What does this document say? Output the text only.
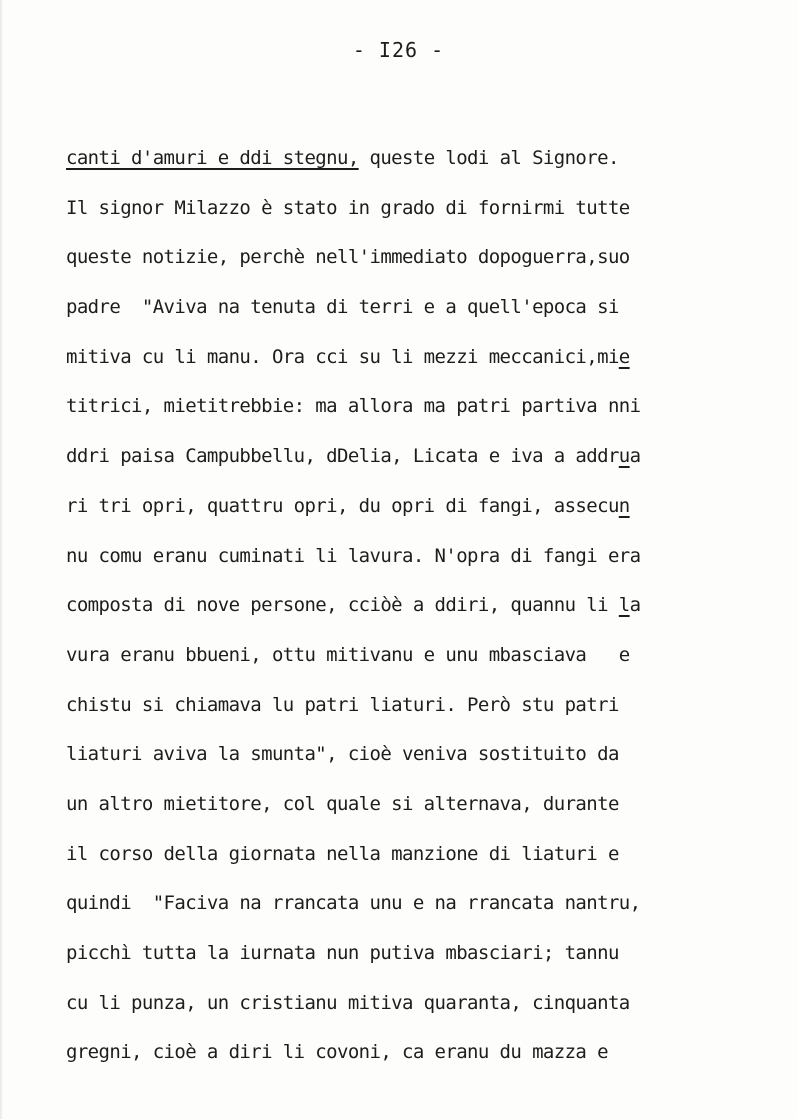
- I26 -
canti d'amuri e ddi stegnu, queste lodi al Signore.
Il signor Milazzo è stato in grado di fornirmi tutte
queste notizie, perchè nell'immediato dopoguerra,suo
padre  "Aviva na tenuta di terri e a quell'epoca si
mitiva cu li manu. Ora cci su li mezzi meccanici,mie
titrici, mietitrebbie: ma allora ma patri partiva nni
ddri paisa Campubbellu, dDelia, Licata e iva a addrua
ri tri opri, quattru opri, du opri di fangi, assecun
nu comu eranu cuminati li lavura. N'opra di fangi era
composta di nove persone, cciòè a ddiri, quannu li la
vura eranu bbueni, ottu mitivanu e unu mbasciava   e
chistu si chiamava lu patri liaturi. Però stu patri
liaturi aviva la smunta", cioè veniva sostituito da
un altro mietitore, col quale si alternava, durante
il corso della giornata nella manzione di liaturi e
quindi  "Faciva na rrancata unu e na rrancata nantru,
picchì tutta la iurnata nun putiva mbasciari; tannu
cu li punza, un cristianu mitiva quaranta, cinquanta
gregni, cioè a diri li covoni, ca eranu du mazza e
